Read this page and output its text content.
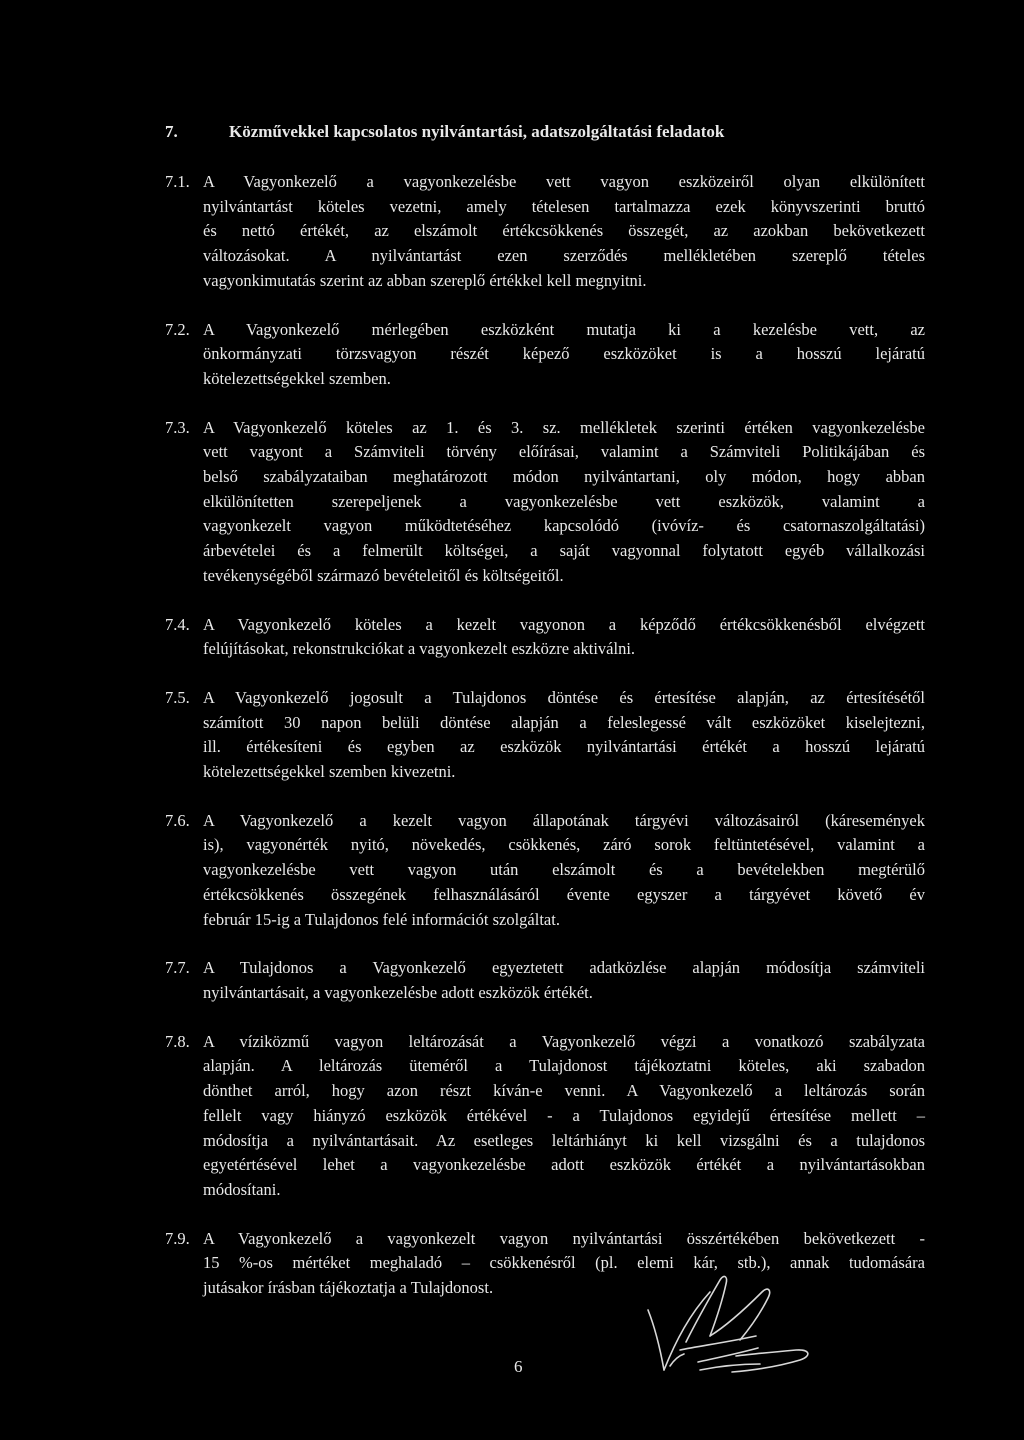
7.	Közművekkel kapcsolatos nyilvántartási, adatszolgáltatási feladatok
7.1. A Vagyonkezelő a vagyonkezelésbe vett vagyon eszközeiről olyan elkülönített
nyilvántartást köteles vezetni, amely tételesen tartalmazza ezek könyvszerinti bruttó
és nettó értékét, az elszámolt értékcsökkenés összegét, az azokban bekövetkezett
változásokat. A nyilvántartást ezen szerződés mellékletében szereplő tételes
vagyonkimutatás szerint az abban szereplő értékkel kell megnyitni.
7.2. A Vagyonkezelő mérlegében eszközként mutatja ki a kezelésbe vett, az
önkormányzati törzsvagyon részét képező eszközöket is a hosszú lejáratú
kötelezettségekkel szemben.
7.3. A Vagyonkezelő köteles az 1. és 3. sz. mellékletek szerinti értéken vagyonkezelésbe
vett vagyont a Számviteli törvény előírásai, valamint a Számviteli Politikájában és
belső szabályzataiban meghatározott módon nyilvántartani, oly módon, hogy abban
elkülönítetten szerepeljenek a vagyonkezelésbe vett eszközök, valamint a
vagyonkezelt vagyon működtetéséhez kapcsolódó (ivóvíz- és csatornaszolgáltatási)
árbevételei és a felmerült költségei, a saját vagyonnal folytatott egyéb vállalkozási
tevékenységéből származó bevételeitől és költségeitől.
7.4. A Vagyonkezelő köteles a kezelt vagyonon a képződő értékcsökkenésből elvégzett
felújításokat, rekonstrukciókat a vagyonkezelt eszközre aktiválni.
7.5. A Vagyonkezelő jogosult a Tulajdonos döntése és értesítése alapján, az értesítésétől
számított 30 napon belüli döntése alapján a feleslegessé vált eszközöket kiselejtezni,
ill. értékesíteni és egyben az eszközök nyilvántartási értékét a hosszú lejáratú
kötelezettségekkel szemben kivezetni.
7.6. A Vagyonkezelő a kezelt vagyon állapotának tárgyévi változásairól (káresemények
is), vagyonérték nyitó, növekedés, csökkenés, záró sorok feltüntetésével, valamint a
vagyonkezelésbe vett vagyon után elszámolt és a bevételekben megtérülő
értékcsökkenés összegének felhasználásáról évente egyszer a tárgyévet követő év
február 15-ig a Tulajdonos felé információt szolgáltat.
7.7. A Tulajdonos a Vagyonkezelő egyeztetett adatközlése alapján módosítja számviteli
nyilvántartásait, a vagyonkezelésbe adott eszközök értékét.
7.8. A víziközmű vagyon leltározását a Vagyonkezelő végzi a vonatkozó szabályzata
alapján. A leltározás üteméről a Tulajdonost tájékoztatni köteles, aki szabadon
dönthet arról, hogy azon részt kíván-e venni. A Vagyonkezelő a leltározás során
fellelt vagy hiányzó eszközök értékével - a Tulajdonos egyidejű értesítése mellett –
módosítja a nyilvántartásait. Az esetleges leltárhiányt ki kell vizsgálni és a tulajdonos
egyetértésével lehet a vagyonkezelésbe adott eszközök értékét a nyilvántartásokban
módosítani.
7.9. A Vagyonkezelő a vagyonkezelt vagyon nyilvántartási összértékében bekövetkezett -
15 %-os mértéket meghaladó – csökkenésről (pl. elemi kár, stb.), annak tudomására
jutásakor írásban tájékoztatja a Tulajdonost.
6
